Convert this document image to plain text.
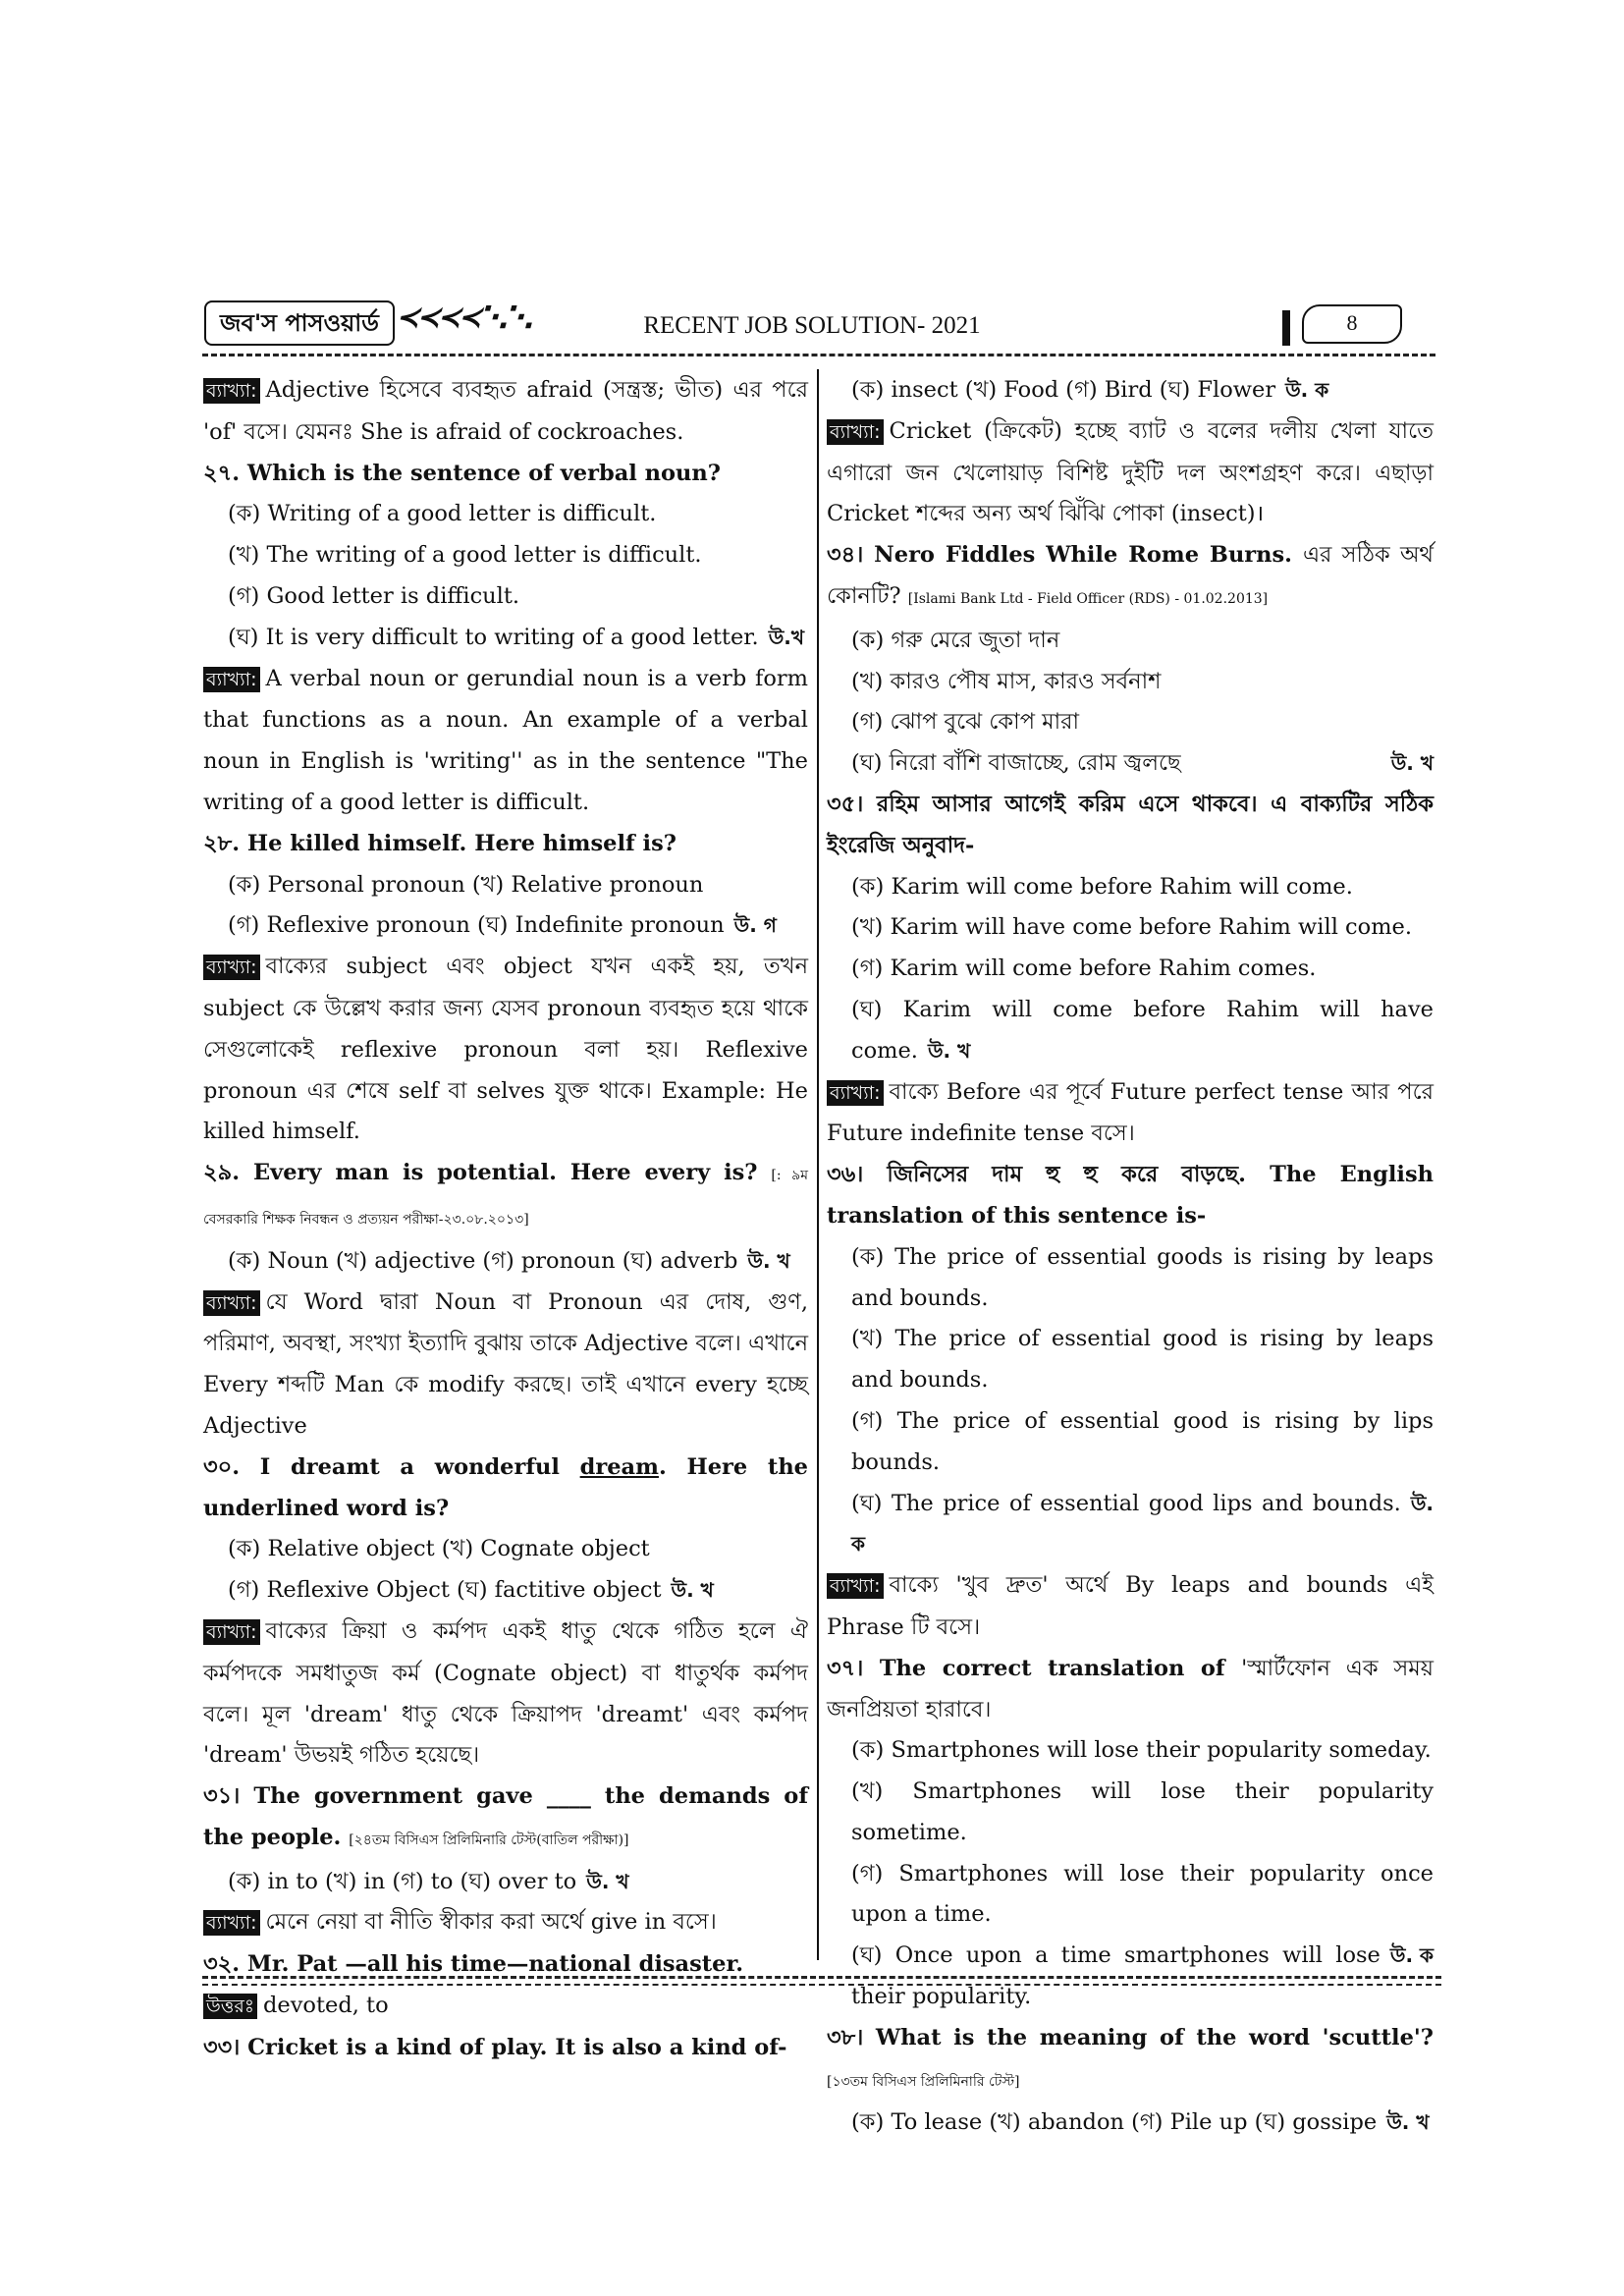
জব'স পাসওয়ার্ড ≺≺≺≺⋱⋱	RECENT JOB SOLUTION- 2021	8
ব্যাখ্যা: Adjective হিসেবে ব্যবহৃত afraid (সন্ত্রস্ত; ভীত) এর পরে 'of' বসে। যেমনঃ She is afraid of cockroaches.
২৭. Which is the sentence of verbal noun?
(ক) Writing of a good letter is difficult.
(খ) The writing of a good letter is difficult.
(গ) Good letter is difficult.
(ঘ) It is very difficult to writing of a good letter. উ.খ
ব্যাখ্যা: A verbal noun or gerundial noun is a verb form that functions as a noun. An example of a verbal noun in English is 'writing'' as in the sentence "The writing of a good letter is difficult.
২৮. He killed himself. Here himself is?
(ক) Personal pronoun (খ) Relative pronoun
(গ) Reflexive pronoun (ঘ) Indefinite pronoun উ. গ
ব্যাখ্যা: বাক্যের subject এবং object যখন একই হয়, তখন subject কে উল্লেখ করার জন্য যেসব pronoun ব্যবহৃত হয়ে থাকে সেগুলোকেই reflexive pronoun বলা হয়। Reflexive pronoun এর শেষে self বা selves যুক্ত থাকে। Example: He killed himself.
২৯. Every man is potential. Here every is? [: ৯ম বেসরকারি শিক্ষক নিবন্ধন ও প্রত্যয়ন পরীক্ষা-২৩.০৮.২০১৩]
(ক) Noun (খ) adjective (গ) pronoun (ঘ) adverb উ. খ
ব্যাখ্যা: যে Word দ্বারা Noun বা Pronoun এর দোষ, গুণ, পরিমাণ, অবস্থা, সংখ্যা ইত্যাদি বুঝায় তাকে Adjective বলে। এখানে Every শব্দটি Man কে modify করছে। তাই এখানে every হচ্ছে Adjective
৩০. I dreamt a wonderful dream. Here the underlined word is?
(ক) Relative object (খ) Cognate object
(গ) Reflexive Object (ঘ) factitive object উ. খ
ব্যাখ্যা: বাক্যের ক্রিয়া ও কর্মপদ একই ধাতু থেকে গঠিত হলে ঐ কর্মপদকে সমধাতুজ কর্ম (Cognate object) বা ধাতুর্থক কর্মপদ বলে। মূল 'dream' ধাতু থেকে ক্রিয়াপদ 'dreamt' এবং কর্মপদ 'dream' উভয়ই গঠিত হয়েছে।
৩১। The government gave ____ the demands of the people. [২৪তম বিসিএস প্রিলিমিনারি টেস্ট(বাতিল পরীক্ষা)]
(ক) in to (খ) in (গ) to (ঘ) over to উ. খ
ব্যাখ্যা: মেনে নেয়া বা নীতি স্বীকার করা অর্থে give in বসে।
৩২. Mr. Pat —all his time—national disaster.
উত্তরঃ devoted, to
৩৩। Cricket is a kind of play. It is also a kind of-
(ক) insect (খ) Food (গ) Bird (ঘ) Flower উ. ক
ব্যাখ্যা: Cricket (ক্রিকেট) হচ্ছে ব্যাট ও বলের দলীয় খেলা যাতে এগারো জন খেলোয়াড় বিশিষ্ট দুইটি দল অংশগ্রহণ করে। এছাড়া Cricket শব্দের অন্য অর্থ ঝিঁঝি পোকা (insect)।
৩৪। Nero Fiddles While Rome Burns. এর সঠিক অর্থ কোনটি? [Islami Bank Ltd - Field Officer (RDS) - 01.02.2013]
(ক) গরু মেরে জুতা দান
(খ) কারও পৌষ মাস, কারও সর্বনাশ
(গ) ঝোপ বুঝে কোপ মারা
উ. খ
(ঘ) নিরো বাঁশি বাজাচ্ছে, রোম জ্বলছে
৩৫। রহিম আসার আগেই করিম এসে থাকবে। এ বাক্যটির সঠিক ইংরেজি অনুবাদ-
(ক) Karim will come before Rahim will come.
(খ) Karim will have come before Rahim will come.
(গ) Karim will come before Rahim comes.
(ঘ) Karim will come before Rahim will have come. উ. খ
ব্যাখ্যা: বাক্যে Before এর পূর্বে Future perfect tense আর পরে Future indefinite tense বসে।
৩৬। জিনিসের দাম হু হু করে বাড়ছে. The English translation of this sentence is-
(ক) The price of essential goods is rising by leaps and bounds.
(খ) The price of essential good is rising by leaps and bounds.
(গ) The price of essential good is rising by lips bounds.
(ঘ) The price of essential good lips and bounds. উ. ক
ব্যাখ্যা: বাক্যে 'খুব দ্রুত' অর্থে By leaps and bounds এই Phrase টি বসে।
৩৭। The correct translation of 'স্মার্টফোন এক সময় জনপ্রিয়তা হারাবে।
(ক) Smartphones will lose their popularity someday.
(খ) Smartphones will lose their popularity sometime.
(গ) Smartphones will lose their popularity once upon a time.
উ. ক
(ঘ) Once upon a time smartphones will lose their popularity.
৩৮। What is the meaning of the word 'scuttle'? [১৩তম বিসিএস প্রিলিমিনারি টেস্ট]
(ক) To lease (খ) abandon (গ) Pile up (ঘ) gossipe উ. খ
